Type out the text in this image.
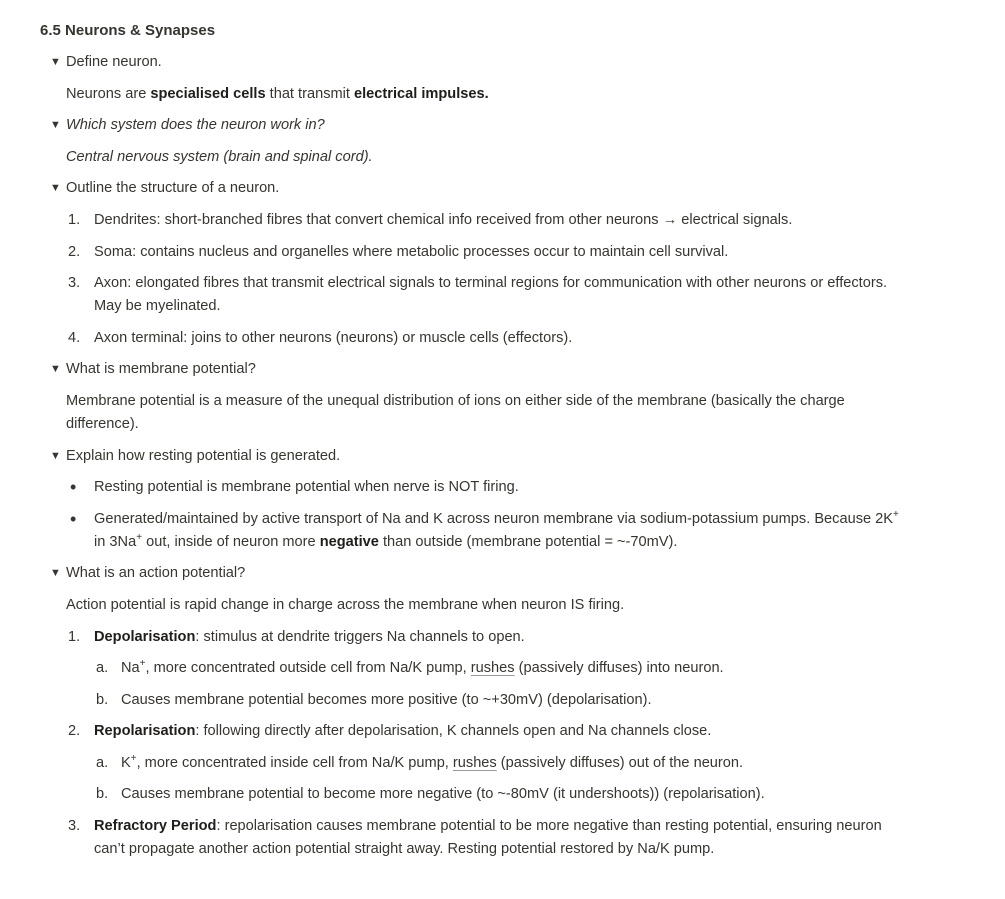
6.5 Neurons & Synapses
▼ Define neuron.
Neurons are specialised cells that transmit electrical impulses.
▼ Which system does the neuron work in?
Central nervous system (brain and spinal cord).
▼ Outline the structure of a neuron.
1. Dendrites: short-branched fibres that convert chemical info received from other neurons → electrical signals.
2. Soma: contains nucleus and organelles where metabolic processes occur to maintain cell survival.
3. Axon: elongated fibres that transmit electrical signals to terminal regions for communication with other neurons or effectors. May be myelinated.
4. Axon terminal: joins to other neurons (neurons) or muscle cells (effectors).
▼ What is membrane potential?
Membrane potential is a measure of the unequal distribution of ions on either side of the membrane (basically the charge difference).
▼ Explain how resting potential is generated.
• Resting potential is membrane potential when nerve is NOT firing.
• Generated/maintained by active transport of Na and K across neuron membrane via sodium-potassium pumps. Because 2K+ in 3Na+ out, inside of neuron more negative than outside (membrane potential = ~-70mV).
▼ What is an action potential?
Action potential is rapid change in charge across the membrane when neuron IS firing.
1. Depolarisation: stimulus at dendrite triggers Na channels to open.
a. Na+, more concentrated outside cell from Na/K pump, rushes (passively diffuses) into neuron.
b. Causes membrane potential becomes more positive (to ~+30mV) (depolarisation).
2. Repolarisation: following directly after depolarisation, K channels open and Na channels close.
a. K+, more concentrated inside cell from Na/K pump, rushes (passively diffuses) out of the neuron.
b. Causes membrane potential to become more negative (to ~-80mV (it undershoots)) (repolarisation).
3. Refractory Period: repolarisation causes membrane potential to be more negative than resting potential, ensuring neuron can’t propagate another action potential straight away. Resting potential restored by Na/K pump.
